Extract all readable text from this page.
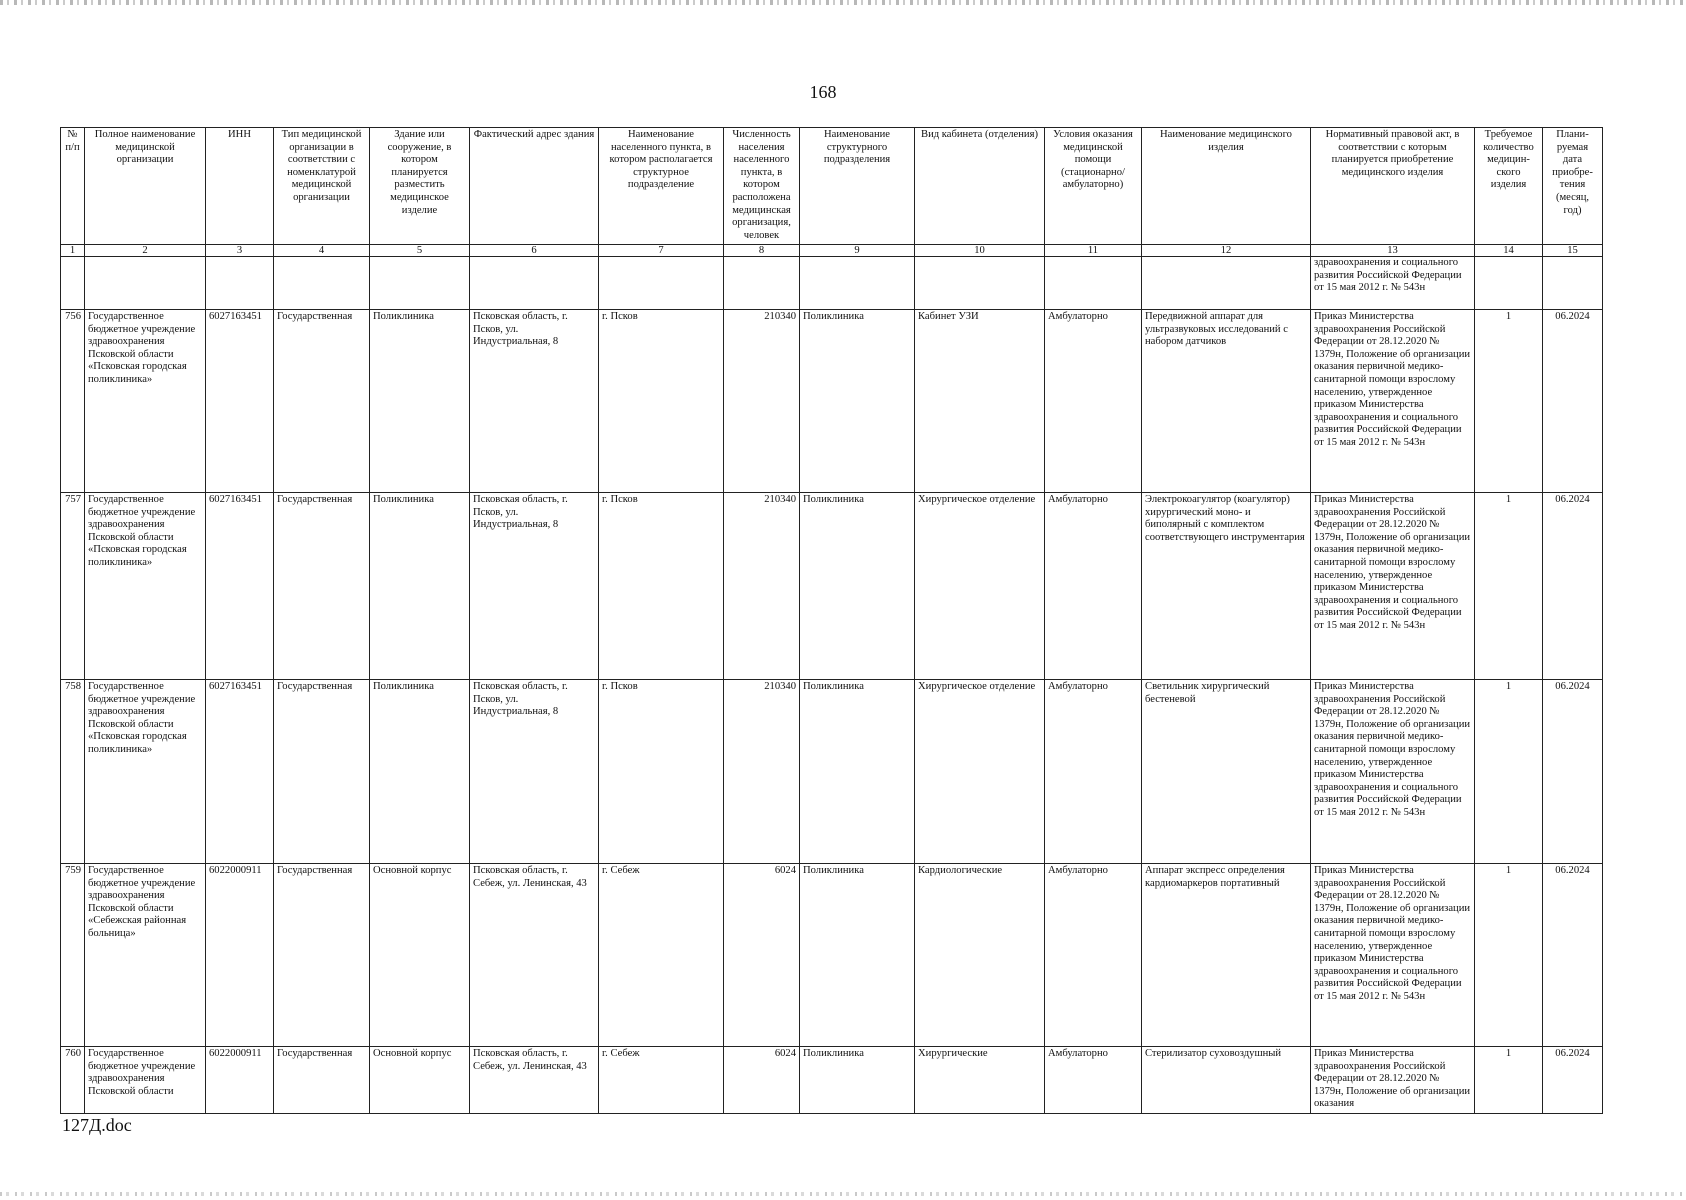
168
№ п/п	Полное наименование медицинской организации	ИНН	Тип медицинской организации в соответствии с номенклатурой медицинской организации	Здание или сооружение, в котором планируется разместить медицинское изделие	Фактический адрес здания	Наименование населенного пункта, в котором располагается структурное подразделение	Численность населения населенного пункта, в котором расположена медицинская организация, человек	Наименование структурного подразделения	Вид кабинета (отделения)	Условия оказания медицинской помощи (стационарно/ амбулаторно)	Наименование медицинского изделия	Нормативный правовой акт, в соответствии с которым планируется приобретение медицинского изделия	Требуемое количество медицин-ского изделия	Плани-руемая дата приобре-тения (месяц, год)
1	2	3	4	5	6	7	8	9	10	11	12	13	14	15

												здравоохранения и социального развития Российской Федерации от 15 мая 2012 г. № 543н		

756	Государственное бюджетное учреждение здравоохранения Псковской области «Псковская городская поликлиника»	6027163451	Государственная	Поликлиника	Псковская область, г. Псков, ул. Индустриальная, 8	г. Псков	210340	Поликлиника	Кабинет УЗИ	Амбулаторно	Передвижной аппарат для ультразвуковых исследований с набором датчиков	Приказ Министерства здравоохранения Российской Федерации от 28.12.2020 № 1379н, Положение об организации оказания первичной медико-санитарной помощи взрослому населению, утвержденное приказом Министерства здравоохранения и социального развития Российской Федерации от 15 мая 2012 г. № 543н	1	06.2024
757	Государственное бюджетное учреждение здравоохранения Псковской области «Псковская городская поликлиника»	6027163451	Государственная	Поликлиника	Псковская область, г. Псков, ул. Индустриальная, 8	г. Псков	210340	Поликлиника	Хирургическое отделение	Амбулаторно	Электрокоагулятор (коагулятор) хирургический моно- и биполярный с комплектом соответствующего инструментария	Приказ Министерства здравоохранения Российской Федерации от 28.12.2020 № 1379н, Положение об организации оказания первичной медико-санитарной помощи взрослому населению, утвержденное приказом Министерства здравоохранения и социального развития Российской Федерации от 15 мая 2012 г. № 543н	1	06.2024
758	Государственное бюджетное учреждение здравоохранения Псковской области «Псковская городская поликлиника»	6027163451	Государственная	Поликлиника	Псковская область, г. Псков, ул. Индустриальная, 8	г. Псков	210340	Поликлиника	Хирургическое отделение	Амбулаторно	Светильник хирургический бестеневой	Приказ Министерства здравоохранения Российской Федерации от 28.12.2020 № 1379н, Положение об организации оказания первичной медико-санитарной помощи взрослому населению, утвержденное приказом Министерства здравоохранения и социального развития Российской Федерации от 15 мая 2012 г. № 543н	1	06.2024
759	Государственное бюджетное учреждение здравоохранения Псковской области «Себежская районная больница»	6022000911	Государственная	Основной корпус	Псковская область, г. Себеж, ул. Ленинская, 43	г. Себеж	6024	Поликлиника	Кардиологические	Амбулаторно	Аппарат экспресс определения кардиомаркеров портативный	Приказ Министерства здравоохранения Российской Федерации от 28.12.2020 № 1379н, Положение об организации оказания первичной медико-санитарной помощи взрослому населению, утвержденное приказом Министерства здравоохранения и социального развития Российской Федерации от 15 мая 2012 г. № 543н	1	06.2024
760	Государственное бюджетное учреждение здравоохранения Псковской области	6022000911	Государственная	Основной корпус	Псковская область, г. Себеж, ул. Ленинская, 43	г. Себеж	6024	Поликлиника	Хирургические	Амбулаторно	Стерилизатор суховоздушный	Приказ Министерства здравоохранения Российской Федерации от 28.12.2020 № 1379н, Положение об организации оказания	1	06.2024
127Д.doc
